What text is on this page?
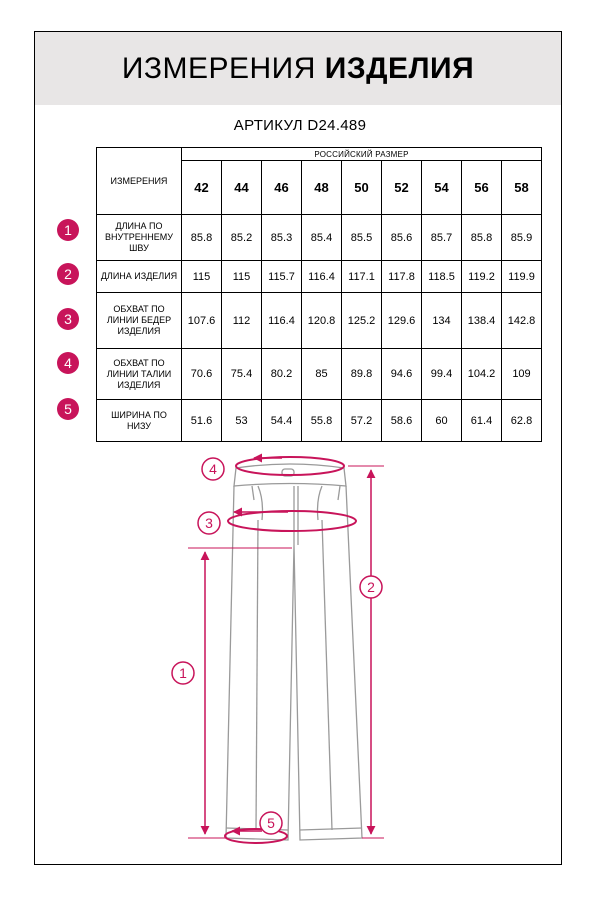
ИЗМЕРЕНИЯ ИЗДЕЛИЯ
АРТИКУЛ D24.489
1
2
3
4
5
ИЗМЕРЕНИЯ	РОССИЙСКИЙ РАЗМЕР								
	42	44	46	48	50	52	54	56	58
ДЛИНА ПО ВНУТРЕННЕМУ ШВУ	85.8	85.2	85.3	85.4	85.5	85.6	85.7	85.8	85.9
ДЛИНА ИЗДЕЛИЯ	115	115	115.7	116.4	117.1	117.8	118.5	119.2	119.9
ОБХВАТ ПО ЛИНИИ БЕДЕР ИЗДЕЛИЯ	107.6	112	116.4	120.8	125.2	129.6	134	138.4	142.8
ОБХВАТ ПО ЛИНИИ ТАЛИИ ИЗДЕЛИЯ	70.6	75.4	80.2	85	89.8	94.6	99.4	104.2	109
ШИРИНА ПО НИЗУ	51.6	53	54.4	55.8	57.2	58.6	60	61.4	62.8
4
3
2
1
5
